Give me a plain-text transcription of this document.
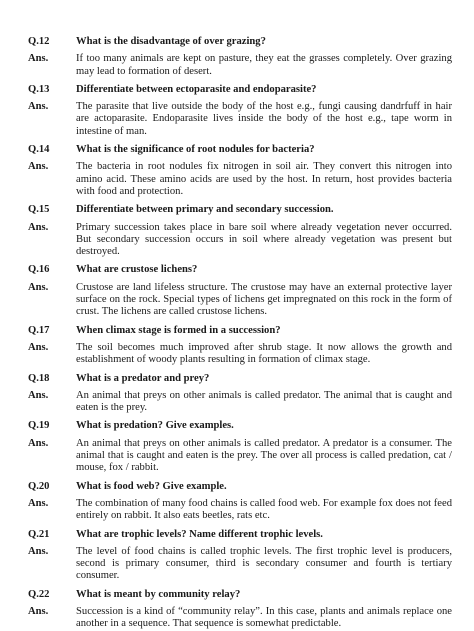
Q.12	What is the disadvantage of over grazing?
Ans.	If too many animals are kept on pasture, they eat the grasses completely. Over grazing may lead to formation of desert.
Q.13	Differentiate between ectoparasite and endoparasite?
Ans.	The parasite that live outside the body of the host e.g., fungi causing dandrfuff in hair are actoparasite. Endoparasite lives inside the body of the host e.g., tape worm in intestine of man.
Q.14	What is the significance of root nodules for bacteria?
Ans.	The bacteria in root nodules fix nitrogen in soil air. They convert this nitrogen into amino acid. These amino acids are used by the host. In return, host provides bacteria with food and protection.
Q.15	Differentiate between primary and secondary succession.
Ans.	Primary succession takes place in bare soil where already vegetation never occurred. But secondary succession occurs in soil where already vegetation was present but destroyed.
Q.16	What are crustose lichens?
Ans.	Crustose are land lifeless structure. The crustose may have an external protective layer surface on the rock. Special types of lichens get impregnated on this rock in the form of crust. The lichens are called crustose lichens.
Q.17	When climax stage is formed in a succession?
Ans.	The soil becomes much improved after shrub stage. It now allows the growth and establishment of woody plants resulting in formation of climax stage.
Q.18	What is a predator and prey?
Ans.	An animal that preys on other animals is called predator. The animal that is caught and eaten is the prey.
Q.19	What is predation? Give examples.
Ans.	An animal that preys on other animals is called predator. A predator is a consumer. The animal that is caught and eaten is the prey. The over all process is called predation, cat / mouse, fox / rabbit.
Q.20	What is food web? Give example.
Ans.	The combination of many food chains is called food web. For example fox does not feed entirely on rabbit. It also eats beetles, rats etc.
Q.21	What are trophic levels? Name different trophic levels.
Ans.	The level of food chains is called trophic levels. The first trophic level is producers, second is primary consumer, third is secondary consumer and fourth is tertiary consumer.
Q.22	What is meant by community relay?
Ans.	Succession is a kind of “community relay”. In this case, plants and animals replace one another in a sequence. That sequence is somewhat predictable.
